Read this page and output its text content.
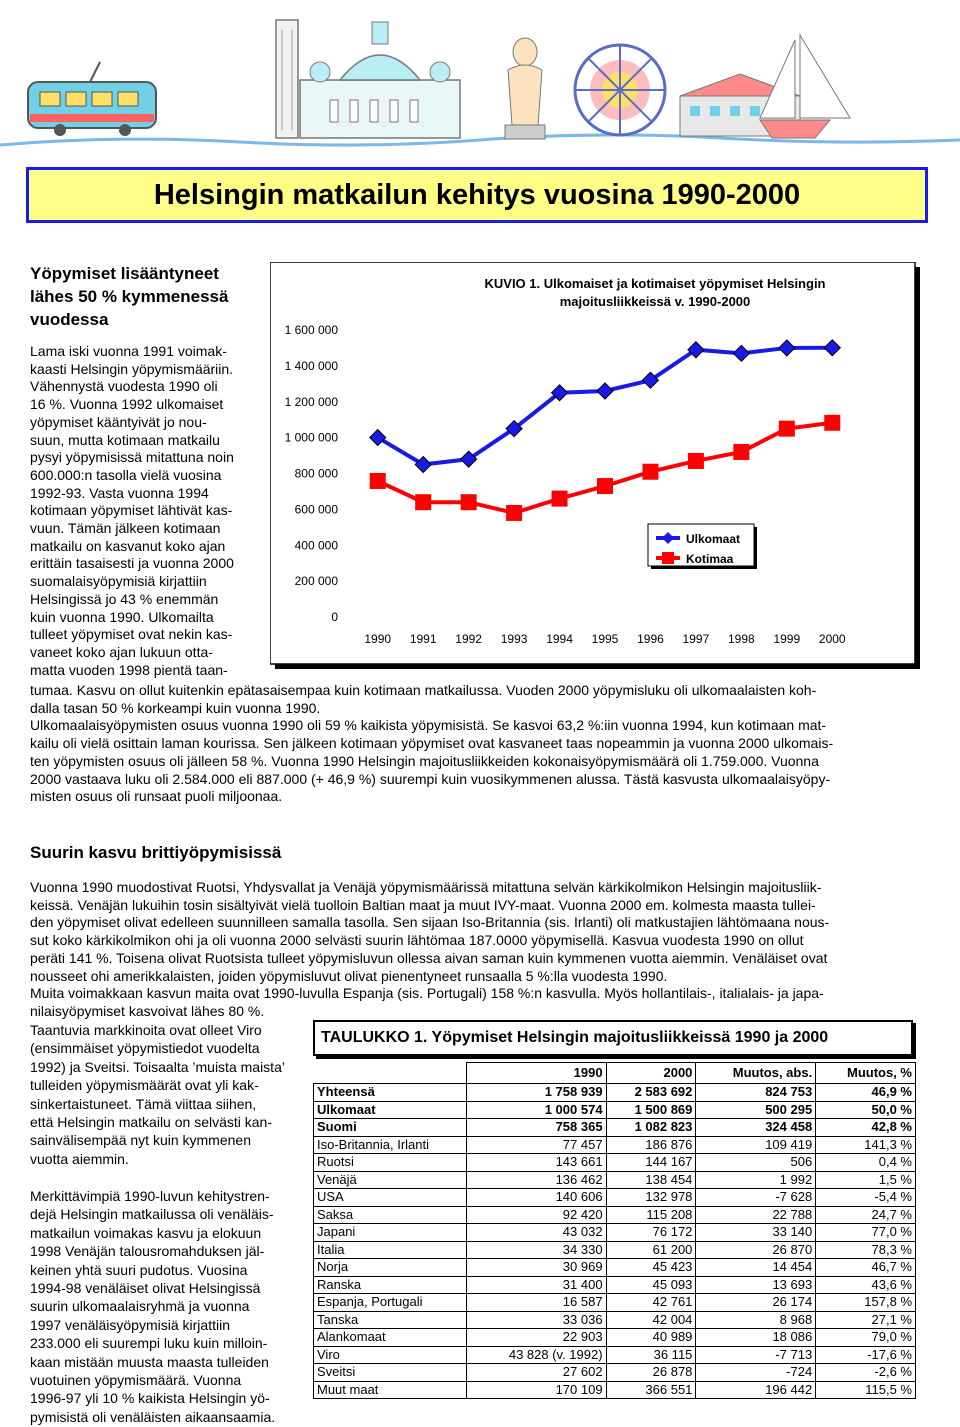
Helsingin matkailun kehitys vuosina 1990-2000
Yöpymiset lisääntyneet
lähes 50 % kymmenessä
vuodessa
Lama iski vuonna 1991 voimak-
kaasti Helsingin yöpymismääriin.
Vähennystä vuodesta 1990 oli
16 %. Vuonna 1992 ulkomaiset
yöpymiset kääntyivät jo nou-
suun, mutta kotimaan matkailu
pysyi yöpymisissä mitattuna noin
600.000:n tasolla vielä vuosina
1992-93. Vasta vuonna 1994
kotimaan yöpymiset lähtivät kas-
vuun. Tämän jälkeen kotimaan
matkailu on kasvanut koko ajan
erittäin tasaisesti ja vuonna 2000
suomalaisyöpymisiä kirjattiin
Helsingissä jo 43 % enemmän
kuin vuonna 1990. Ulkomailta
tulleet yöpymiset ovat nekin kas-
vaneet koko ajan lukuun otta-
matta vuoden 1998 pientä taan-
tumaa. Kasvu on ollut kuitenkin epätasaisempaa kuin kotimaan matkailussa. Vuoden 2000 yöpymisluku oli ulkomaalaisten koh-
dalla tasan 50 % korkeampi kuin vuonna 1990.
Ulkomaalaisyöpymisten osuus vuonna 1990 oli 59 % kaikista yöpymisistä. Se kasvoi 63,2 %:iin vuonna 1994, kun kotimaan mat-
kailu oli vielä osittain laman kourissa. Sen jälkeen kotimaan yöpymiset ovat kasvaneet taas nopeammin ja vuonna 2000 ulkomais-
ten yöpymisten osuus oli jälleen 58 %. Vuonna 1990 Helsingin majoitusliikkeiden kokonaisyöpymismäärä oli 1.759.000. Vuonna
2000 vastaava luku oli 2.584.000 eli 887.000 (+ 46,9 %) suurempi kuin vuosikymmenen alussa. Tästä kasvusta ulkomaalaisyöpy-
misten osuus oli runsaat puoli miljoonaa.
KUVIO 1. Ulkomaiset ja kotimaiset yöpymiset Helsingin
majoitusliikkeissä v. 1990-2000
0
200 000
400 000
600 000
800 000
1 000 000
1 200 000
1 400 000
1 600 000
1990 1991 1992 1993 1994 1995 1996 1997 1998 1999 2000
Ulkomaat
Kotimaa
Suurin kasvu brittiyöpymisissä
Vuonna 1990 muodostivat Ruotsi, Yhdysvallat ja Venäjä yöpymismäärissä mitattuna selvän kärkikolmikon Helsingin majoitusliik-
keissä. Venäjän lukuihin tosin sisältyivät vielä tuolloin Baltian maat ja muut IVY-maat. Vuonna 2000 em. kolmesta maasta tullei-
den yöpymiset olivat edelleen suunnilleen samalla tasolla. Sen sijaan Iso-Britannia (sis. Irlanti) oli matkustajien lähtömaana nous-
sut koko kärkikolmikon ohi ja oli vuonna 2000 selvästi suurin lähtömaa 187.0000 yöpymisellä. Kasvua vuodesta 1990 on ollut
peräti 141 %. Toisena olivat Ruotsista tulleet yöpymisluvun ollessa aivan saman kuin kymmenen vuotta aiemmin. Venäläiset ovat
nousseet ohi amerikkalaisten, joiden yöpymisluvut olivat pienentyneet runsaalla 5 %:lla vuodesta 1990.
Muita voimakkaan kasvun maita ovat 1990-luvulla Espanja (sis. Portugali) 158 %:n kasvulla. Myös hollantilais-, italialais- ja japa-
nilaisyöpymiset kasvoivat lähes 80 %.
Taantuvia markkinoita ovat olleet Viro
(ensimmäiset yöpymistiedot vuodelta
1992) ja Sveitsi. Toisaalta ’muista maista’
tulleiden yöpymismäärät ovat yli kak-
sinkertaistuneet. Tämä viittaa siihen,
että Helsingin matkailu on selvästi kan-
sainvälisempää nyt kuin kymmenen
vuotta aiemmin.
Merkittävimpiä 1990-luvun kehitystren-
dejä Helsingin matkailussa oli venäläis-
matkailun voimakas kasvu ja elokuun
1998 Venäjän talousromahduksen jäl-
keinen yhtä suuri pudotus. Vuosina
1994-98 venäläiset olivat Helsingissä
suurin ulkomaalaisryhmä ja vuonna
1997 venäläisyöpymisiä kirjattiin
233.000 eli suurempi luku kuin milloin-
kaan mistään muusta maasta tulleiden
vuotuinen yöpymismäärä. Vuonna
1996-97 yli 10 % kaikista Helsingin yö-
pymisistä oli venäläisten aikaansaamia.
TAULUKKO 1. Yöpymiset Helsingin majoitusliikkeissä 1990 ja 2000
	1990	2000	Muutos, abs.	Muutos, %
Yhteensä	1 758 939	2 583 692	824 753	46,9 %
Ulkomaat	1 000 574	1 500 869	500 295	50,0 %
Suomi	758 365	1 082 823	324 458	42,8 %
Iso-Britannia, Irlanti	77 457	186 876	109 419	141,3 %
Ruotsi	143 661	144 167	506	0,4 %
Venäjä	136 462	138 454	1 992	1,5 %
USA	140 606	132 978	-7 628	-5,4 %
Saksa	92 420	115 208	22 788	24,7 %
Japani	43 032	76 172	33 140	77,0 %
Italia	34 330	61 200	26 870	78,3 %
Norja	30 969	45 423	14 454	46,7 %
Ranska	31 400	45 093	13 693	43,6 %
Espanja, Portugali	16 587	42 761	26 174	157,8 %
Tanska	33 036	42 004	8 968	27,1 %
Alankomaat	22 903	40 989	18 086	79,0 %
Viro	43 828 (v. 1992)	36 115	-7 713	-17,6 %
Sveitsi	27 602	26 878	-724	-2,6 %
Muut maat	170 109	366 551	196 442	115,5 %
